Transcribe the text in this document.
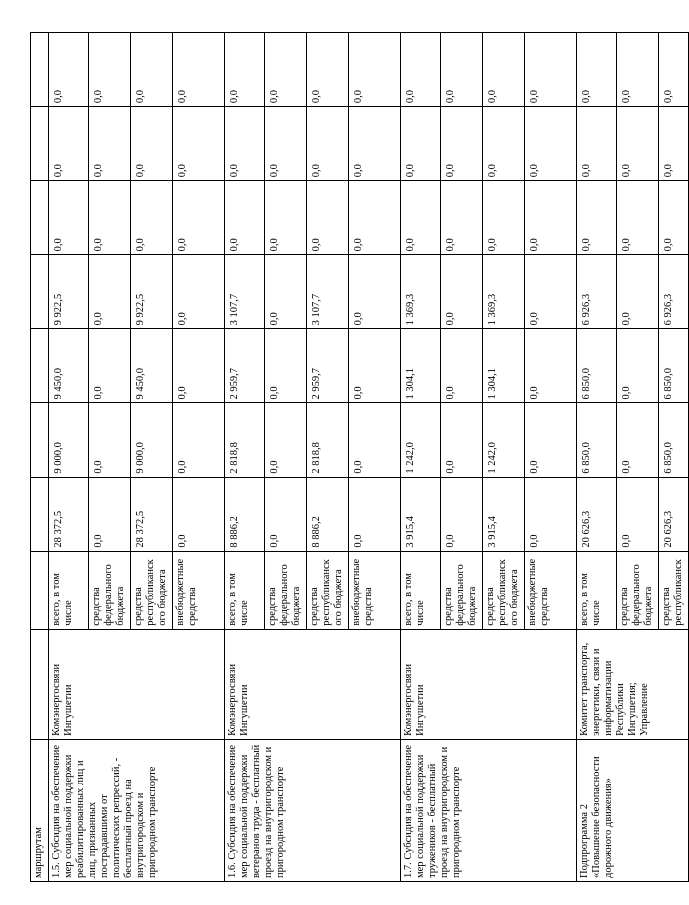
маршрутам									
1.5. Субсидия на обеспечение мер социальной поддержки реабилитированных лиц и лиц, признанных пострадавшими от политических репрессий, - бесплатный проезд на внутригородском и пригородном транспорте	Комэнергосвязи Ингушетии	всего, в том числе	28 372,5	9 000,0	9 450,0	9 922,5	0,0	0,0	0,0
		средства федерального бюджета	0,0	0,0	0,0	0,0	0,0	0,0	0,0
		средства республиканского бюджета	28 372,5	9 000,0	9 450,0	9 922,5	0,0	0,0	0,0
		внебюджетные средства	0,0	0,0	0,0	0,0	0,0	0,0	0,0
1.6. Субсидия на обеспечение мер социальной поддержки ветеранов труда - бесплатный проезд на внутригородском и пригородном транспорте	Комэнергосвязи Ингушетии	всего, в том числе	8 886,2	2 818,8	2 959,7	3 107,7	0,0	0,0	0,0
		средства федерального бюджета	0,0	0,0	0,0	0,0	0,0	0,0	0,0
		средства республиканского бюджета	8 886,2	2 818,8	2 959,7	3 107,7	0,0	0,0	0,0
		внебюджетные средства	0,0	0,0	0,0	0,0	0,0	0,0	0,0
1.7. Субсидия на обеспечение мер социальной поддержки тружеников - бесплатный проезд на внутригородском и пригородном транспорте	Комэнергосвязи Ингушетии	всего, в том числе	3 915,4	1 242,0	1 304,1	1 369,3	0,0	0,0	0,0
		средства федерального бюджета	0,0	0,0	0,0	0,0	0,0	0,0	0,0
		средства республиканского бюджета	3 915,4	1 242,0	1 304,1	1 369,3	0,0	0,0	0,0
		внебюджетные средства	0,0	0,0	0,0	0,0	0,0	0,0	0,0
Подпрограмма 2 «Повышение безопасности дорожного движения»	Комитет транспорта, энергетики, связи и информатизации Республики Ингушетия; Управление	всего, в том числе	20 626,3	6 850,0	6 850,0	6 926,3	0,0	0,0	0,0
		средства федерального бюджета	0,0	0,0	0,0	0,0	0,0	0,0	0,0
		средства республиканск	20 626,3	6 850,0	6 850,0	6 926,3	0,0	0,0	0,0
